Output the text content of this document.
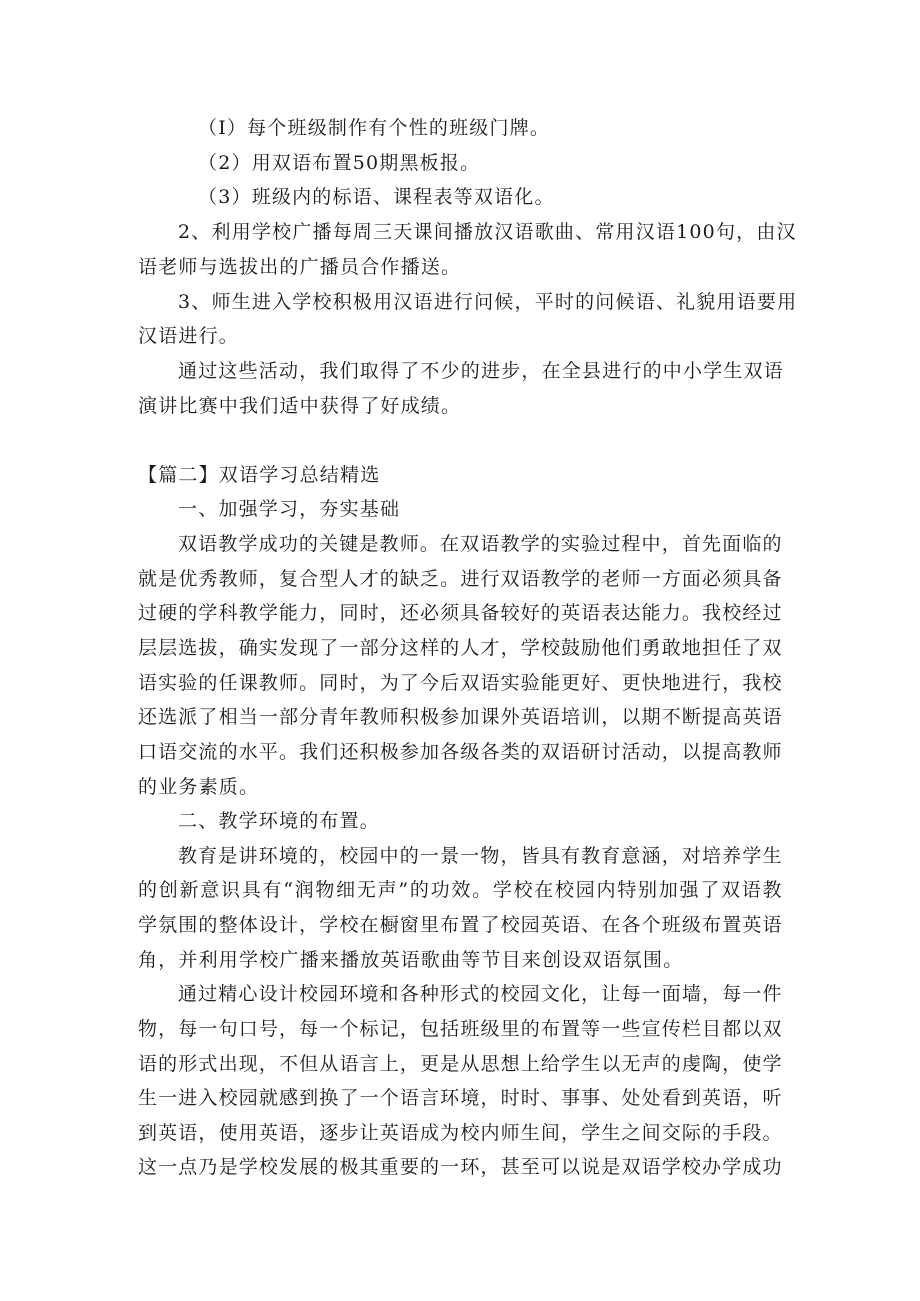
（I）每个班级制作有个性的班级门牌。
（2）用双语布置50期黑板报。
（3）班级内的标语、课程表等双语化。
2、利用学校广播每周三天课间播放汉语歌曲、常用汉语100句，由汉
语老师与选拔出的广播员合作播送。
3、师生进入学校积极用汉语进行问候，平时的问候语、礼貌用语要用
汉语进行。
通过这些活动，我们取得了不少的进步，在全县进行的中小学生双语
演讲比赛中我们适中获得了好成绩。
【篇二】双语学习总结精选
一、加强学习，夯实基础
双语教学成功的关键是教师。在双语教学的实验过程中，首先面临的
就是优秀教师，复合型人才的缺乏。进行双语教学的老师一方面必须具备
过硬的学科教学能力，同时，还必须具备较好的英语表达能力。我校经过
层层选拔，确实发现了一部分这样的人才，学校鼓励他们勇敢地担任了双
语实验的任课教师。同时，为了今后双语实验能更好、更快地进行，我校
还选派了相当一部分青年教师积极参加课外英语培训，以期不断提高英语
口语交流的水平。我们还积极参加各级各类的双语研讨活动，以提高教师
的业务素质。
二、教学环境的布置。
教育是讲环境的，校园中的一景一物，皆具有教育意涵，对培养学生
的创新意识具有“润物细无声”的功效。学校在校园内特别加强了双语教
学氛围的整体设计，学校在橱窗里布置了校园英语、在各个班级布置英语
角，并利用学校广播来播放英语歌曲等节目来创设双语氛围。
通过精心设计校园环境和各种形式的校园文化，让每一面墙，每一件
物，每一句口号，每一个标记，包括班级里的布置等一些宣传栏目都以双
语的形式出现，不但从语言上，更是从思想上给学生以无声的虔陶，使学
生一进入校园就感到换了一个语言环境，时时、事事、处处看到英语，听
到英语，使用英语，逐步让英语成为校内师生间，学生之间交际的手段。
这一点乃是学校发展的极其重要的一环，甚至可以说是双语学校办学成功
